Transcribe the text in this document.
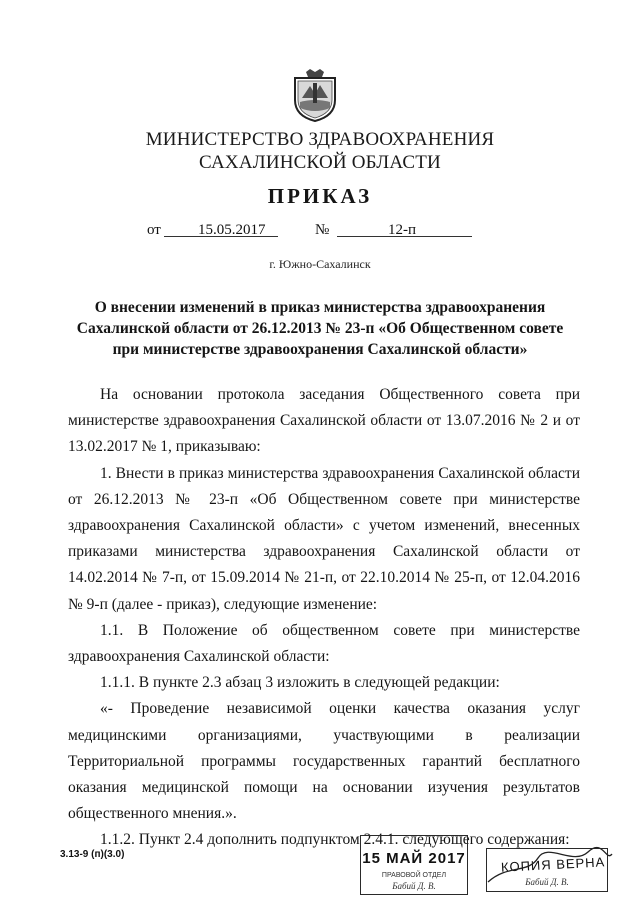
МИНИСТЕРСТВО ЗДРАВООХРАНЕНИЯ
САХАЛИНСКОЙ ОБЛАСТИ
ПРИКАЗ
от 15.05.2017	№	12-п
г. Южно-Сахалинск
О внесении изменений в приказ министерства здравоохранения Сахалинской области от 26.12.2013 № 23-п «Об Общественном совете при министерстве здравоохранения Сахалинской области»

На основании протокола заседания Общественного совета при министерстве здравоохранения Сахалинской области от 13.07.2016 № 2 и от 13.02.2017 № 1, приказываю:

1. Внести в приказ министерства здравоохранения Сахалинской области от 26.12.2013 № 23-п «Об Общественном совете при министерстве здравоохранения Сахалинской области» с учетом изменений, внесенных приказами министерства здравоохранения Сахалинской области от 14.02.2014 № 7-п, от 15.09.2014 № 21-п, от 22.10.2014 № 25-п, от 12.04.2016 № 9-п (далее - приказ), следующие изменение:

1.1. В Положение об общественном совете при министерстве здравоохранения Сахалинской области:

1.1.1. В пункте 2.3 абзац 3 изложить в следующей редакции:

«- Проведение независимой оценки качества оказания услуг медицинскими организациями, участвующими в реализации Территориальной программы государственных гарантий бесплатного оказания медицинской помощи на основании изучения результатов общественного мнения.».

1.1.2. Пункт 2.4 дополнить подпунктом 2.4.1. следующего содержания:

3.13-9 (п)(3.0)	15 МАЙ 2017
ПРАВОВОЙ ОТДЕЛ
Бабий Д. В.
КОПИЯ ВЕРНА
Бабий Д. В.
